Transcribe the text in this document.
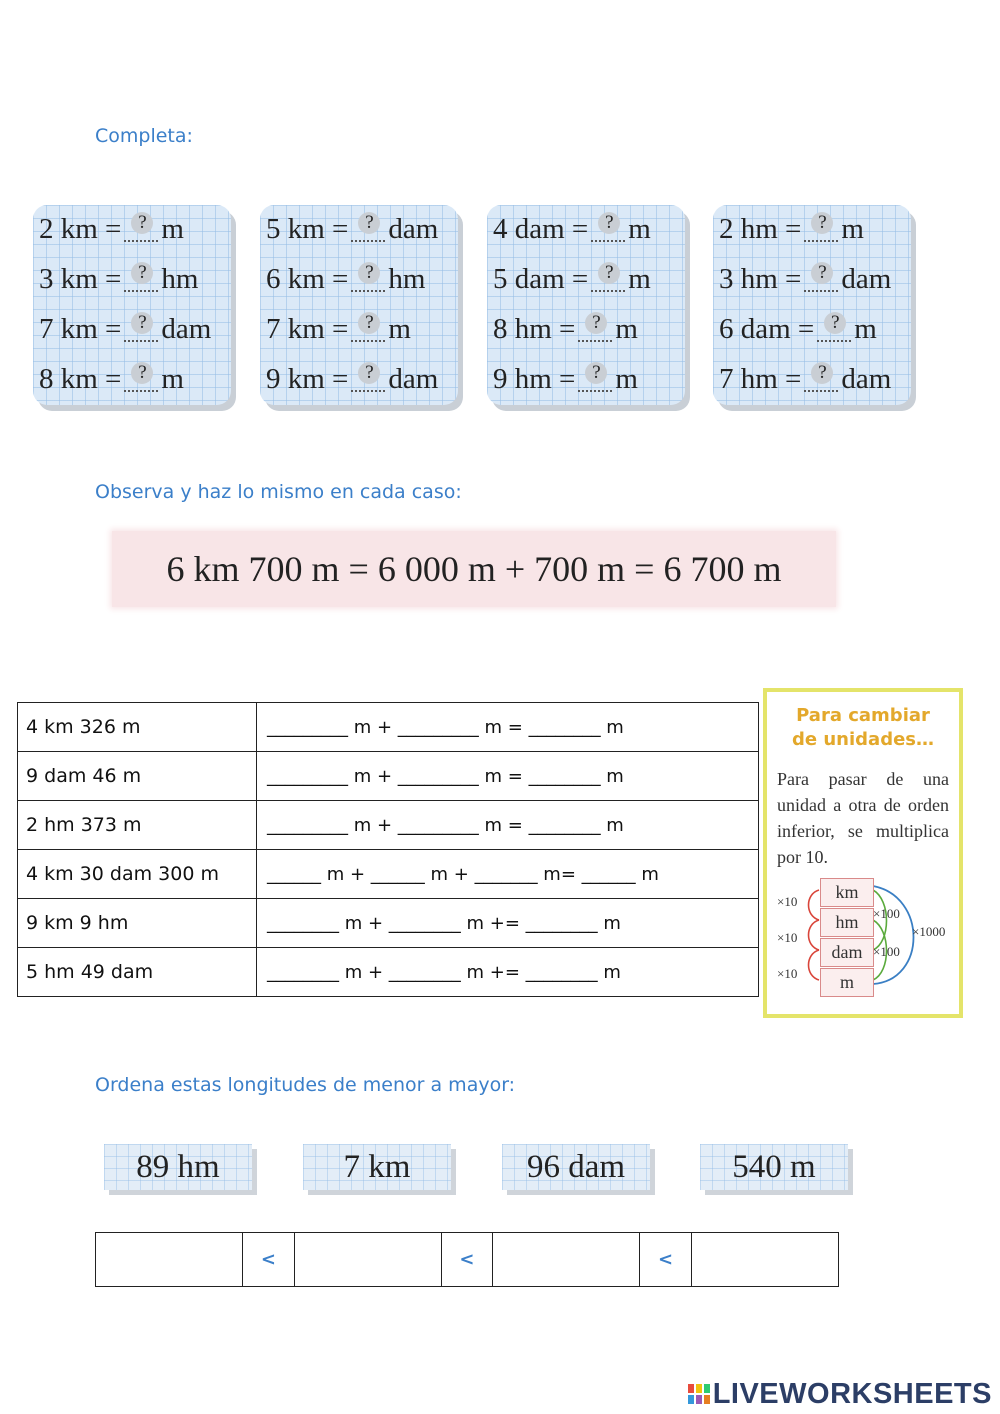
Completa:
Observa y haz lo mismo en cada caso:
Ordena estas longitudes de menor a mayor:
2 km = ? m
3 km = ? hm
7 km = ? dam
8 km = ? m
5 km = ? dam
6 km = ? hm
7 km = ? m
9 km = ? dam
4 dam = ? m
5 dam = ? m
8 hm = ? m
9 hm = ? m
2 hm = ? m
3 hm = ? dam
6 dam = ? m
7 hm = ? dam
6 km 700 m = 6 000 m + 700 m = 6 700 m
4 km 326 m	_________ m + _________ m = ________ m
9 dam 46 m	_________ m + _________ m = ________ m
2 hm 373 m	_________ m + _________ m = ________ m
4 km 30 dam 300 m	______ m + ______ m + _______ m= ______ m
9 km 9 hm	________ m + ________ m += ________ m
5 hm 49 dam	________ m + ________ m += ________ m
Para cambiar
de unidades…
Para pasar de una unidad a otra de orden inferior, se multiplica por 10.
km
hm
dam
m
×10
×10
×10
×100
×100
×1000
89 hm	7 km	96 dam	540 m
	<		<		<	
LIVEWORKSHEETS
